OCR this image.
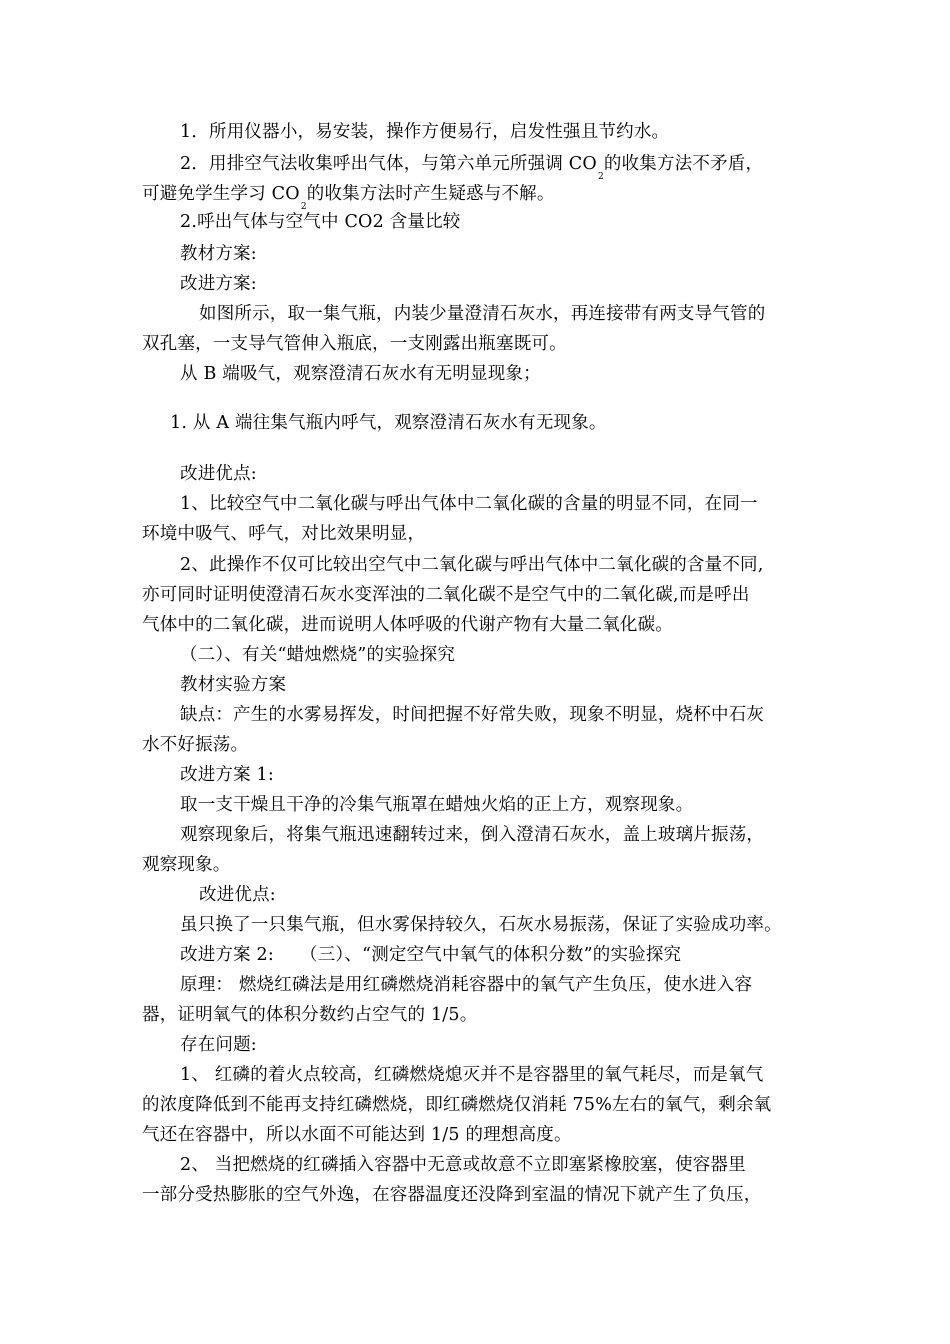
1．所用仪器小，易安装，操作方便易行，启发性强且节约水。
2．用排空气法收集呼出气体，与第六单元所强调 $CO_2$的收集方法不矛盾，
可避免学生学习 $CO_2$的收集方法时产生疑惑与不解。
2.呼出气体与空气中 CO2 含量比较
教材方案:
改进方案:
如图所示，取一集气瓶，内装少量澄清石灰水，再连接带有两支导气管的
双孔塞，一支导气管伸入瓶底，一支刚露出瓶塞既可。
从 B 端吸气，观察澄清石灰水有无明显现象；
1. 从 A 端往集气瓶内呼气，观察澄清石灰水有无现象。
改进优点:
1、比较空气中二氧化碳与呼出气体中二氧化碳的含量的明显不同，在同一
环境中吸气、呼气，对比效果明显，
2、此操作不仅可比较出空气中二氧化碳与呼出气体中二氧化碳的含量不同,
亦可同时证明使澄清石灰水变浑浊的二氧化碳不是空气中的二氧化碳,而是呼出
气体中的二氧化碳，进而说明人体呼吸的代谢产物有大量二氧化碳。
（二）、有关“蜡烛燃烧”的实验探究
教材实验方案
缺点：产生的水雾易挥发，时间把握不好常失败，现象不明显，烧杯中石灰
水不好振荡。
改进方案 1:
取一支干燥且干净的冷集气瓶罩在蜡烛火焰的正上方，观察现象。
观察现象后，将集气瓶迅速翻转过来，倒入澄清石灰水，盖上玻璃片振荡，
观察现象。
改进优点:
虽只换了一只集气瓶，但水雾保持较久，石灰水易振荡，保证了实验成功率。
改进方案 2: （三）、“测定空气中氧气的体积分数”的实验探究
原理： 燃烧红磷法是用红磷燃烧消耗容器中的氧气产生负压，使水进入容
器，证明氧气的体积分数约占空气的 1/5。
存在问题:
1、 红磷的着火点较高，红磷燃烧熄灭并不是容器里的氧气耗尽，而是氧气
的浓度降低到不能再支持红磷燃烧，即红磷燃烧仅消耗 75%左右的氧气，剩余氧
气还在容器中，所以水面不可能达到 1/5 的理想高度。
2、 当把燃烧的红磷插入容器中无意或故意不立即塞紧橡胶塞，使容器里
一部分受热膨胀的空气外逸，在容器温度还没降到室温的情况下就产生了负压，
